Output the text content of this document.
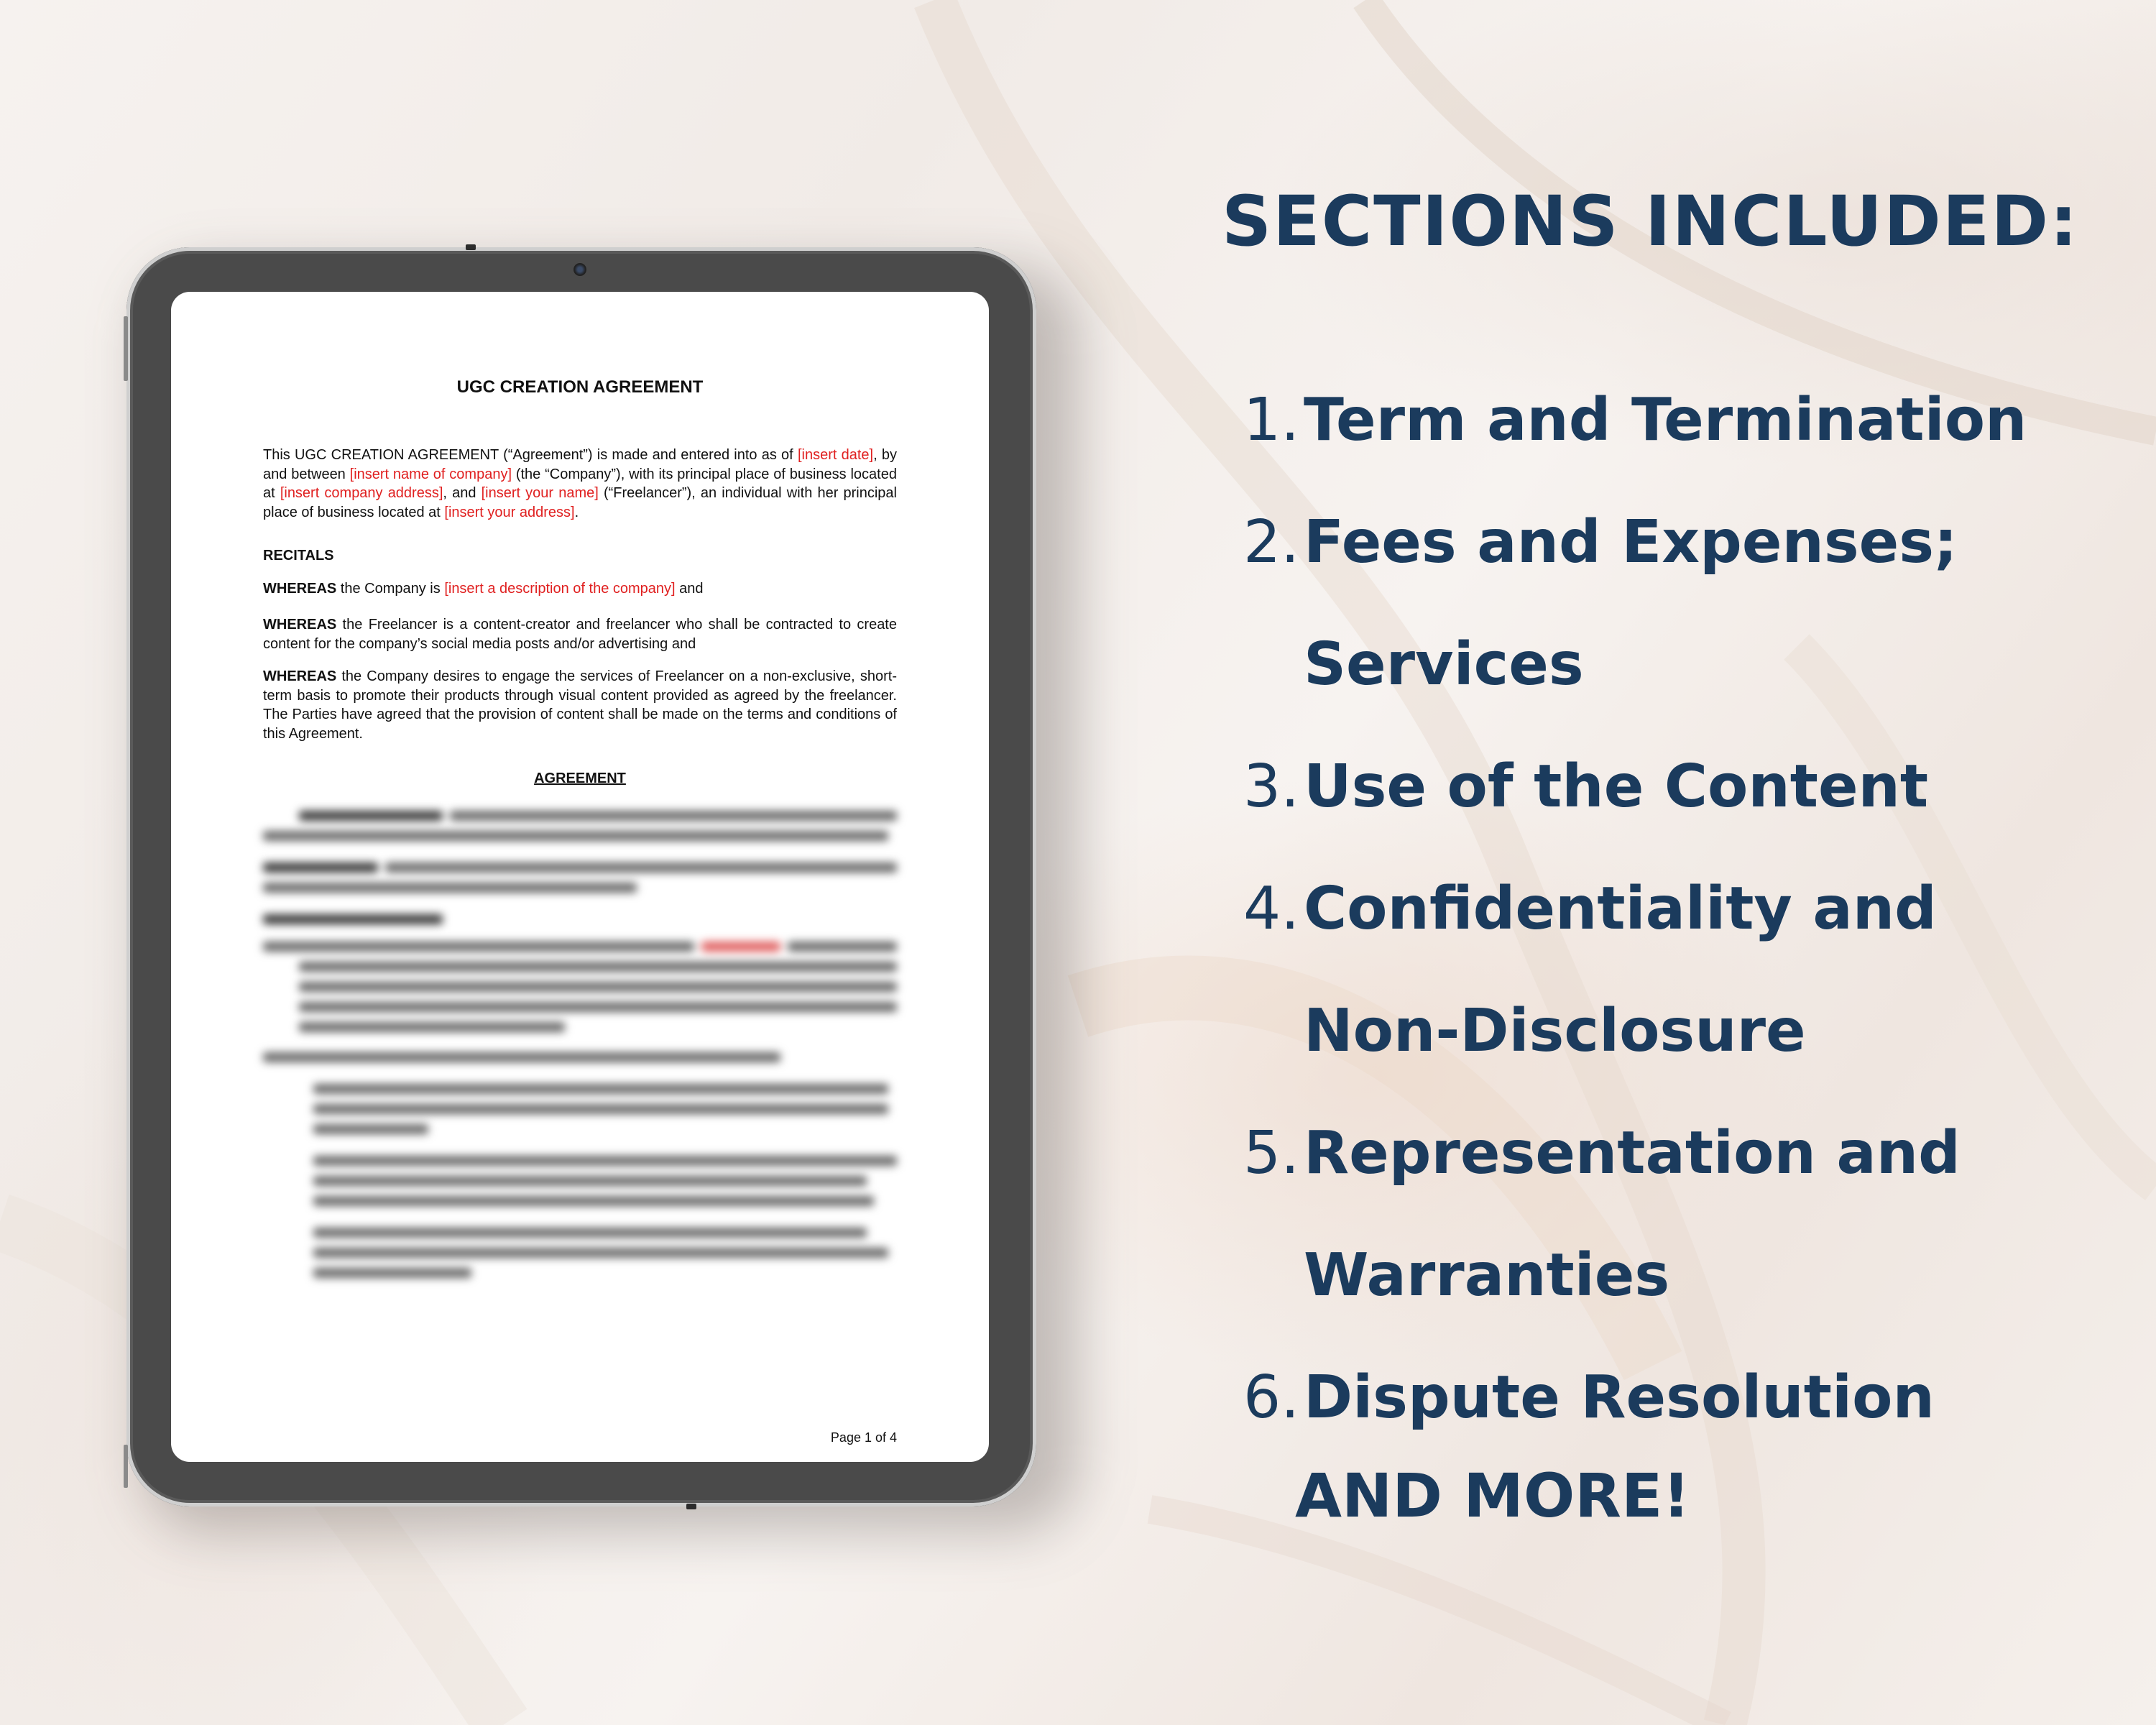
UGC CREATION AGREEMENT

This UGC CREATION AGREEMENT (“Agreement”) is made and entered into as of [insert date], by and between [insert name of company] (the “Company”), with its principal place of business located at [insert company address], and [insert your name] (“Freelancer”), an individual with her principal place of business located at [insert your address].

RECITALS

WHEREAS the Company is [insert a description of the company] and

WHEREAS the Freelancer is a content-creator and freelancer who shall be contracted to create content for the company’s social media posts and/or advertising and

WHEREAS the Company desires to engage the services of Freelancer on a non-exclusive, short-term basis to promote their products through visual content provided as agreed by the freelancer. The Parties have agreed that the provision of content shall be made on the terms and conditions of this Agreement.

AGREEMENT
Page 1 of 4
SECTIONS INCLUDED:
1. Term and Termination
2. Fees and Expenses;
Services
3. Use of the Content
4. Confidentiality and
Non-Disclosure
5. Representation and
Warranties
6. Dispute Resolution
AND MORE!
